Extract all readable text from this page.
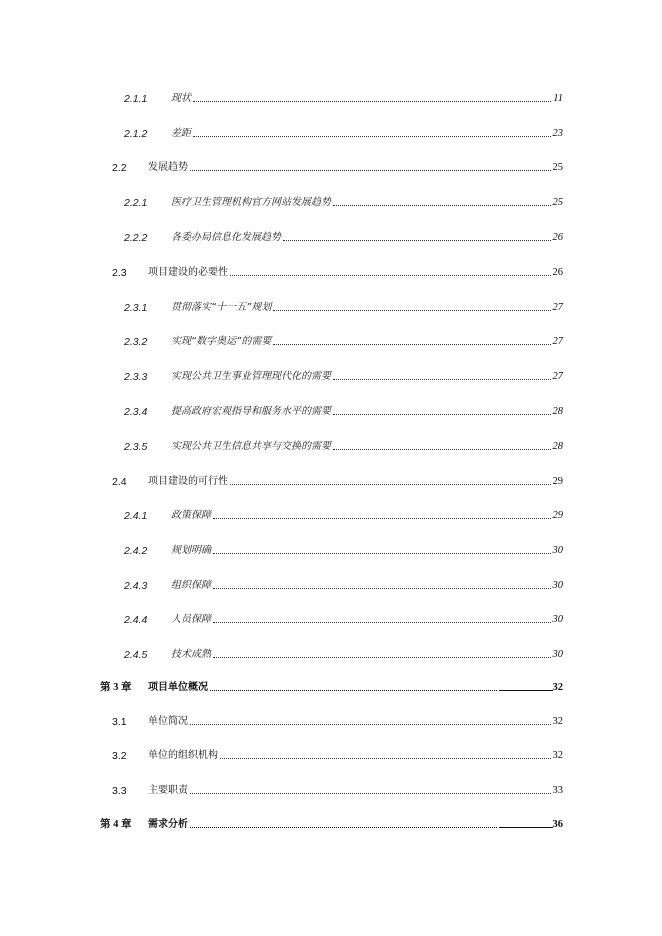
2.1.1	现状	11
2.1.2	差距	23
2.2	发展趋势	25
2.2.1	医疗卫生管理机构官方网站发展趋势	25
2.2.2	各委办局信息化发展趋势	26
2.3	项目建设的必要性	26
2.3.1	贯彻落实“十一五”规划	27
2.3.2	实现“数字奥运”的需要	27
2.3.3	实现公共卫生事业管理现代化的需要	27
2.3.4	提高政府宏观指导和服务水平的需要	28
2.3.5	实现公共卫生信息共享与交换的需要	28
2.4	项目建设的可行性	29
2.4.1	政策保障	29
2.4.2	规划明确	30
2.4.3	组织保障	30
2.4.4	人员保障	30
2.4.5	技术成熟	30
第 3 章	项目单位概况	32
3.1	单位简况	32
3.2	单位的组织机构	32
3.3	主要职责	33
第 4 章	需求分析	36
